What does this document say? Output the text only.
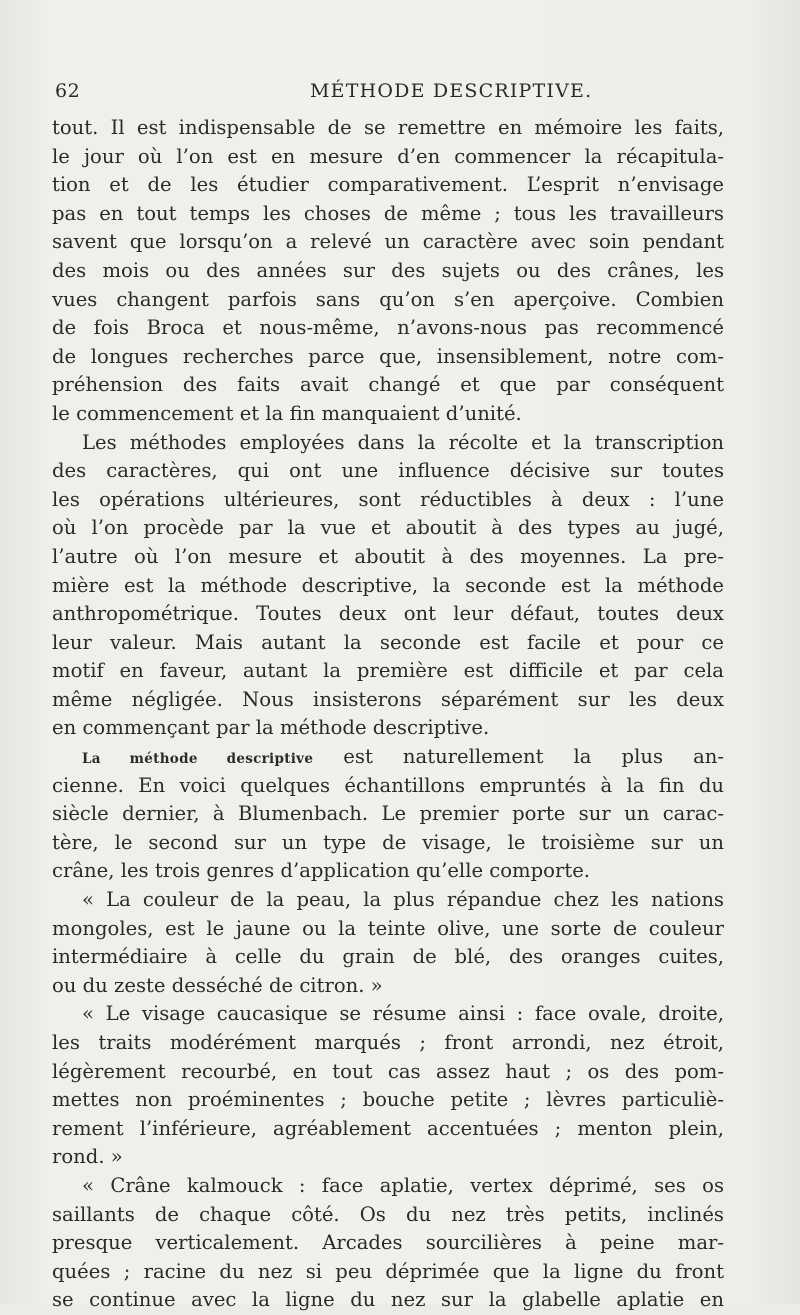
62	MÉTHODE DESCRIPTIVE.
tout. Il est indispensable de se remettre en mémoire les faits,
le jour où l’on est en mesure d’en commencer la récapitula-
tion et de les étudier comparativement. L’esprit n’envisage
pas en tout temps les choses de même ; tous les travailleurs
savent que lorsqu’on a relevé un caractère avec soin pendant
des mois ou des années sur des sujets ou des crânes, les
vues changent parfois sans qu’on s’en aperçoive. Combien
de fois Broca et nous-même, n’avons-nous pas recommencé
de longues recherches parce que, insensiblement, notre com-
préhension des faits avait changé et que par conséquent
le commencement et la fin manquaient d’unité.
Les méthodes employées dans la récolte et la transcription
des caractères, qui ont une influence décisive sur toutes
les opérations ultérieures, sont réductibles à deux : l’une
où l’on procède par la vue et aboutit à des types au jugé,
l’autre où l’on mesure et aboutit à des moyennes. La pre-
mière est la méthode descriptive, la seconde est la méthode
anthropométrique. Toutes deux ont leur défaut, toutes deux
leur valeur. Mais autant la seconde est facile et pour ce
motif en faveur, autant la première est difficile et par cela
même négligée. Nous insisterons séparément sur les deux
en commençant par la méthode descriptive.
La méthode descriptive est naturellement la plus an-
cienne. En voici quelques échantillons empruntés à la fin du
siècle dernier, à Blumenbach. Le premier porte sur un carac-
tère, le second sur un type de visage, le troisième sur un
crâne, les trois genres d’application qu’elle comporte.
« La couleur de la peau, la plus répandue chez les nations
mongoles, est le jaune ou la teinte olive, une sorte de couleur
intermédiaire à celle du grain de blé, des oranges cuites,
ou du zeste desséché de citron. »
« Le visage caucasique se résume ainsi : face ovale, droite,
les traits modérément marqués ; front arrondi, nez étroit,
légèrement recourbé, en tout cas assez haut ; os des pom-
mettes non proéminentes ; bouche petite ; lèvres particuliè-
rement l’inférieure, agréablement accentuées ; menton plein,
rond. »
« Crâne kalmouck : face aplatie, vertex déprimé, ses os
saillants de chaque côté. Os du nez très petits, inclinés
presque verticalement. Arcades sourcilières à peine mar-
quées ; racine du nez si peu déprimée que la ligne du front
se continue avec la ligne du nez sur la glabelle aplatie en
